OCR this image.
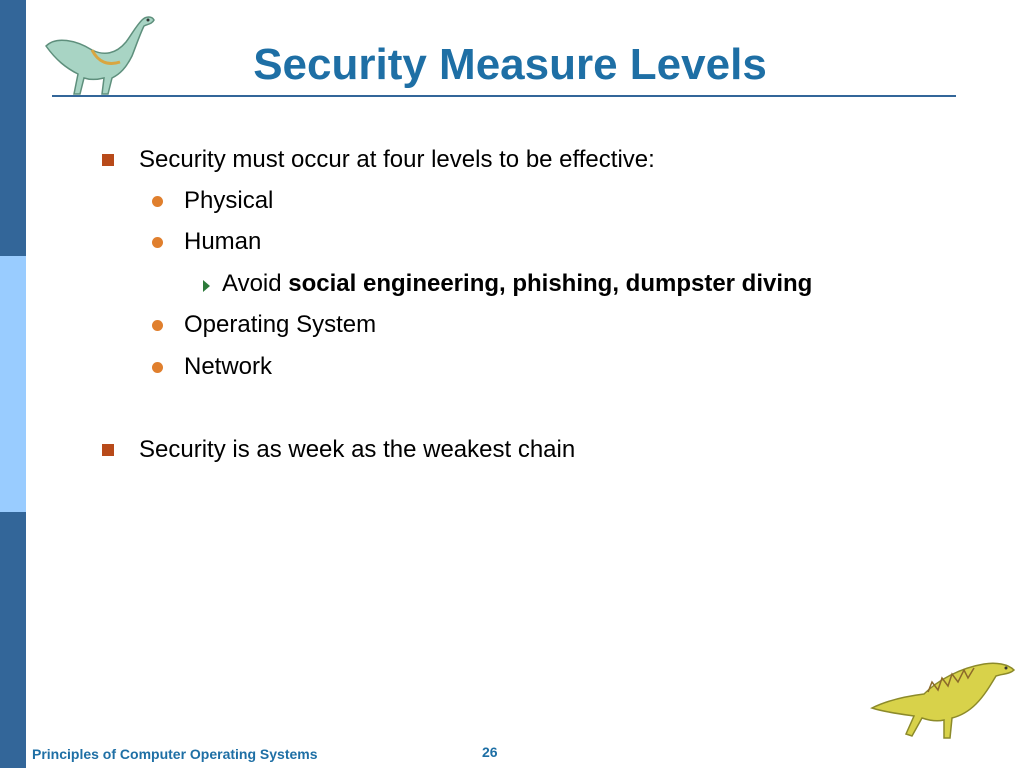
Security Measure Levels
Security must occur at four levels to be effective:
Physical
Human
Avoid social engineering, phishing, dumpster diving
Operating System
Network
Security is as week as the weakest chain
Principles of Computer Operating Systems	26
